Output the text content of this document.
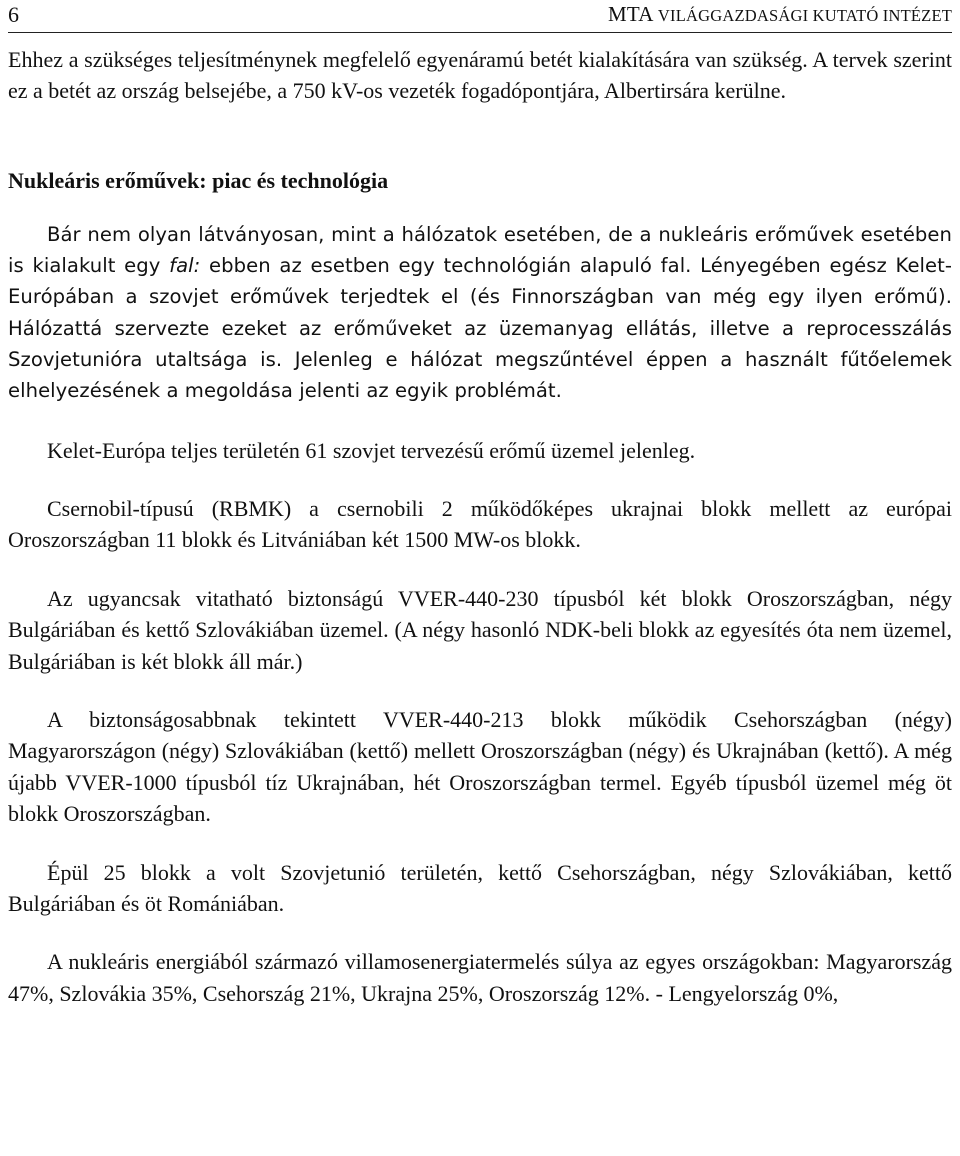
6	MTA VILÁGGAZDASÁGI KUTATÓ INTÉZET

Ehhez a szükséges teljesítménynek megfelelő egyenáramú betét kialakítására van szükség. A tervek szerint ez a betét az ország belsejébe, a 750 kV-os vezeték fogadópontjára, Albertirsára kerülne.

Nukleáris erőművek: piac és technológia

Bár nem olyan látványosan, mint a hálózatok esetében, de a nukleáris erőművek esetében is kialakult egy fal: ebben az esetben egy technológián alapuló fal. Lényegében egész Kelet-Európában a szovjet erőművek terjedtek el (és Finnországban van még egy ilyen erőmű). Hálózattá szervezte ezeket az erőműveket az üzemanyag ellátás, illetve a reprocesszálás Szovjetunióra utaltsága is. Jelenleg e hálózat megszűntével éppen a használt fűtőelemek elhelyezésének a megoldása jelenti az egyik problémát.

Kelet-Európa teljes területén 61 szovjet tervezésű erőmű üzemel jelenleg.

Csernobil-típusú (RBMK) a csernobili 2 működőképes ukrajnai blokk mellett az európai Oroszországban 11 blokk és Litvániában két 1500 MW-os blokk.

Az ugyancsak vitatható biztonságú VVER-440-230 típusból két blokk Oroszországban, négy Bulgáriában és kettő Szlovákiában üzemel. (A négy hasonló NDK-beli blokk az egyesítés óta nem üzemel, Bulgáriában is két blokk áll már.)

A biztonságosabbnak tekintett VVER-440-213 blokk működik Csehországban (négy) Magyarországon (négy) Szlovákiában (kettő) mellett Oroszországban (négy) és Ukrajnában (kettő). A még újabb VVER-1000 típusból tíz Ukrajnában, hét Oroszországban termel. Egyéb típusból üzemel még öt blokk Oroszországban.

Épül 25 blokk a volt Szovjetunió területén, kettő Csehországban, négy Szlovákiában, kettő Bulgáriában és öt Romániában.

A nukleáris energiából származó villamosenergiatermelés súlya az egyes országokban: Magyarország 47%, Szlovákia 35%, Csehország 21%, Ukrajna 25%, Oroszország 12%. - Lengyelország 0%,
